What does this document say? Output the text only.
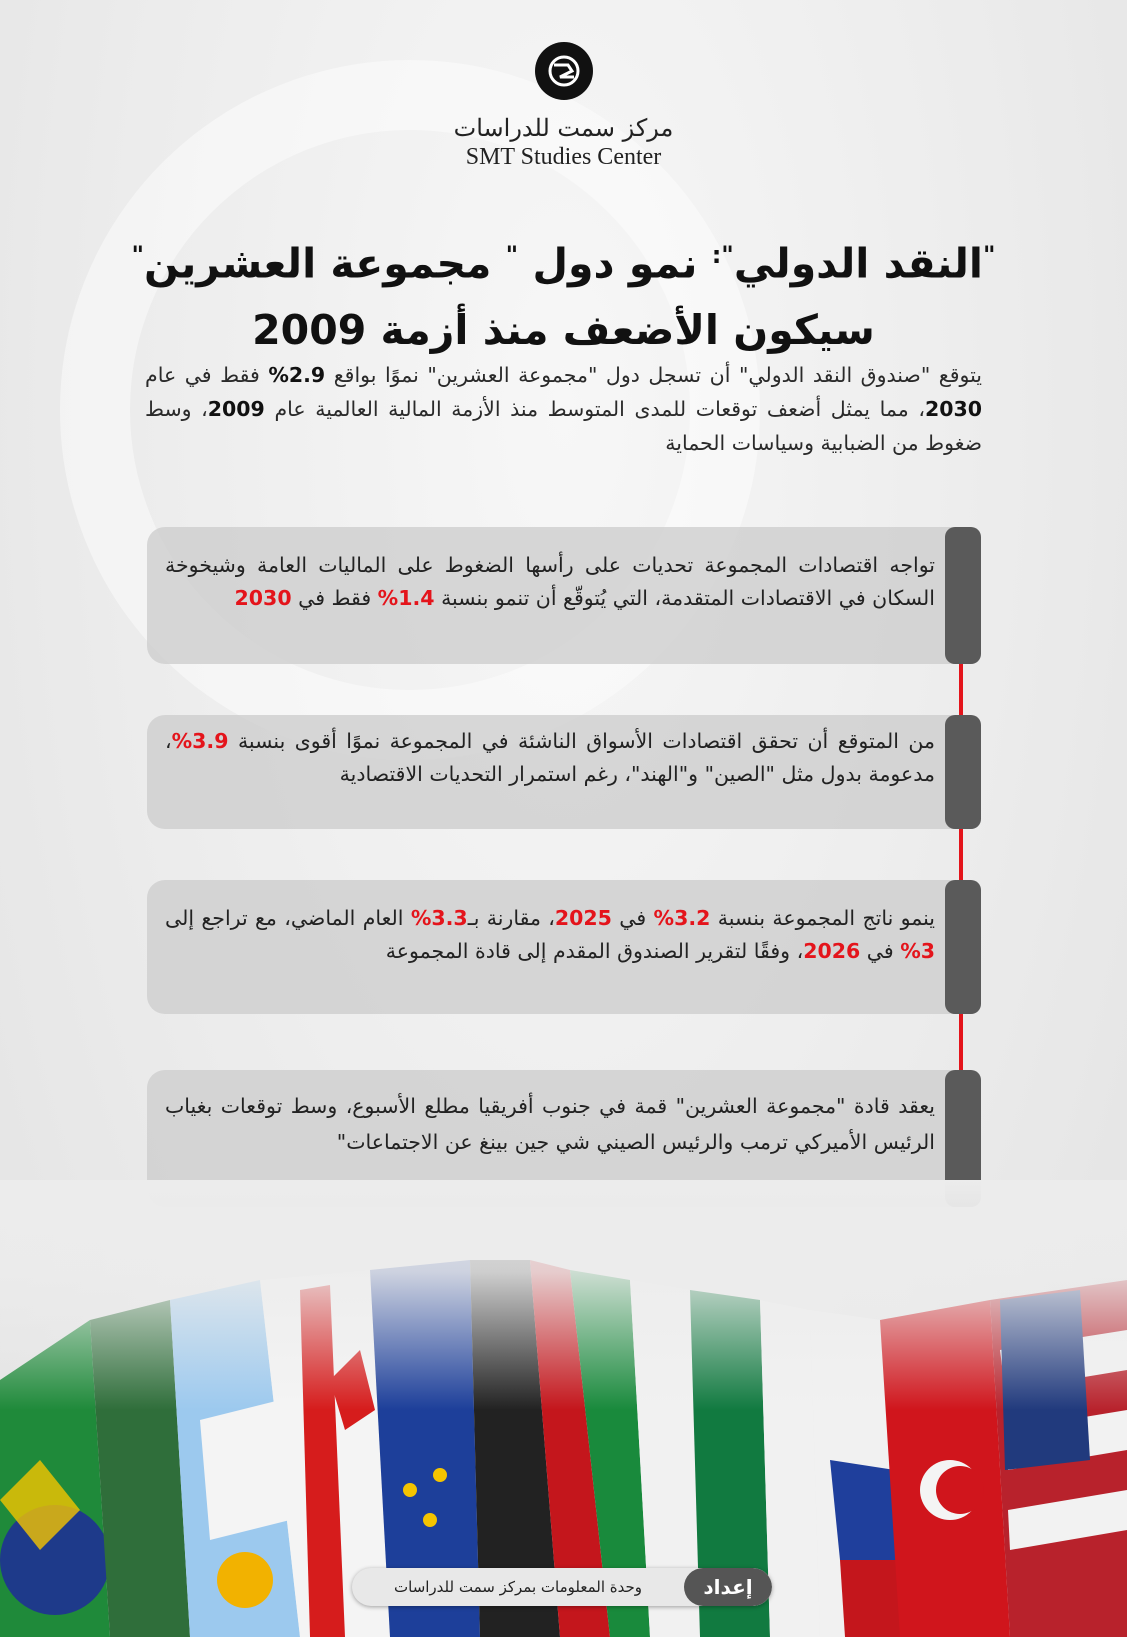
مركز سمت للدراسات
SMT Studies Center
"النقد الدولي": نمو دول " مجموعة العشرين"
سيكون الأضعف منذ أزمة 2009
يتوقع "صندوق النقد الدولي" أن تسجل دول "مجموعة العشرين" نموًا بواقع 2.9% فقط في عام 2030، مما يمثل أضعف توقعات للمدى المتوسط منذ الأزمة المالية العالمية عام 2009، وسط ضغوط من الضبابية وسياسات الحماية
تواجه اقتصادات المجموعة تحديات على رأسها الضغوط على الماليات العامة وشيخوخة السكان في الاقتصادات المتقدمة، التي يُتوقّع أن تنمو بنسبة 1.4% فقط في 2030
من المتوقع أن تحقق اقتصادات الأسواق الناشئة في المجموعة نموًا أقوى بنسبة 3.9%، مدعومة بدول مثل "الصين" و"الهند"، رغم استمرار التحديات الاقتصادية
ينمو ناتج المجموعة بنسبة 3.2% في 2025، مقارنة بـ3.3% العام الماضي، مع تراجع إلى 3% في 2026، وفقًا لتقرير الصندوق المقدم إلى قادة المجموعة
يعقد قادة "مجموعة العشرين" قمة في جنوب أفريقيا مطلع الأسبوع، وسط توقعات بغياب الرئيس الأميركي ترمب والرئيس الصيني شي جين بينغ عن الاجتماعات"
إعداد
وحدة المعلومات بمركز سمت للدراسات
